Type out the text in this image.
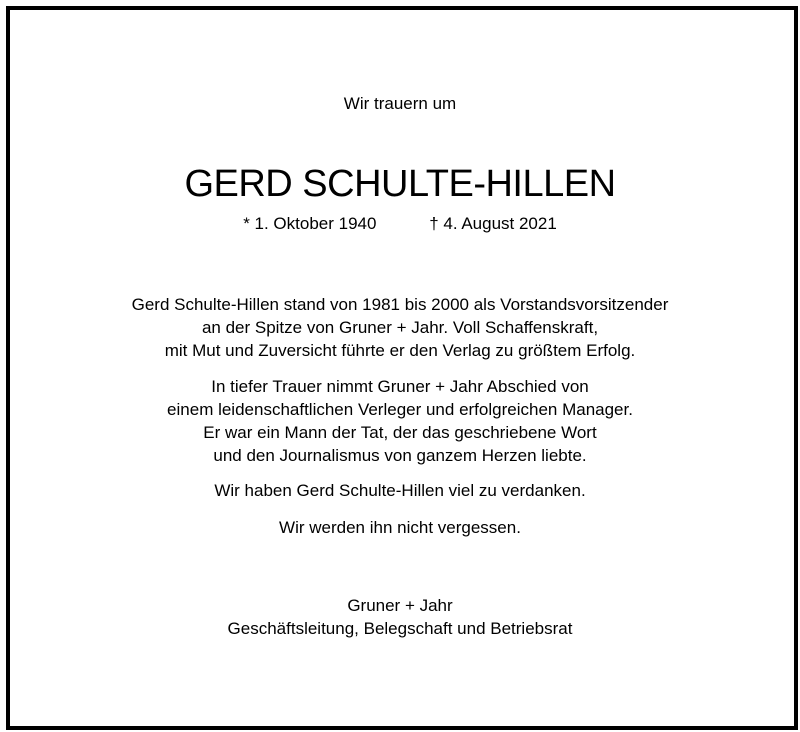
Wir trauern um
GERD SCHULTE-HILLEN
* 1. Oktober 1940	† 4. August 2021
Gerd Schulte-Hillen stand von 1981 bis 2000 als Vorstandsvorsitzender
an der Spitze von Gruner + Jahr. Voll Schaffenskraft,
mit Mut und Zuversicht führte er den Verlag zu größtem Erfolg.
In tiefer Trauer nimmt Gruner + Jahr Abschied von
einem leidenschaftlichen Verleger und erfolgreichen Manager.
Er war ein Mann der Tat, der das geschriebene Wort
und den Journalismus von ganzem Herzen liebte.
Wir haben Gerd Schulte-Hillen viel zu verdanken.
Wir werden ihn nicht vergessen.
Gruner + Jahr
Geschäftsleitung, Belegschaft und Betriebsrat
